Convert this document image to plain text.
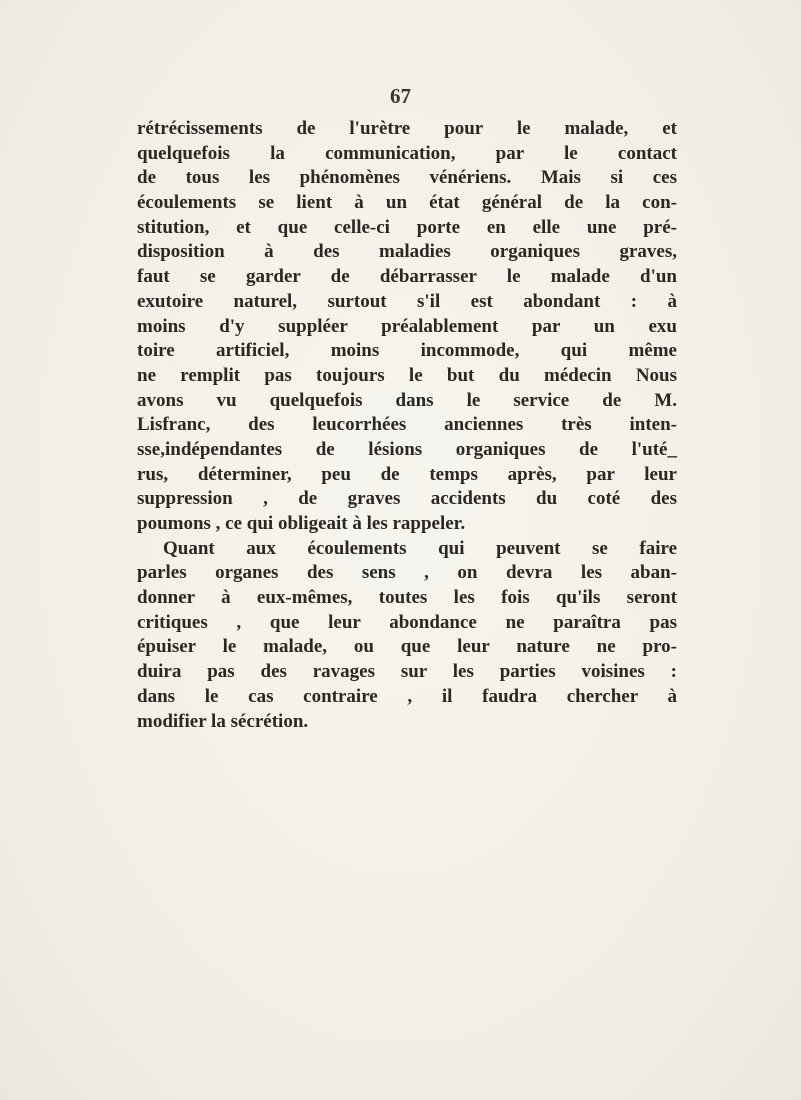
67
rétrécissements de l'urètre pour le malade, et
quelquefois la communication, par le contact
de tous les phénomènes vénériens. Mais si ces
écoulements se lient à un état général de la con-
stitution, et que celle-ci porte en elle une pré-
disposition à des maladies organiques graves,
faut se garder de débarrasser le malade d'un
exutoire naturel, surtout s'il est abondant : à
moins d'y suppléer préalablement par un exu
toire artificiel, moins incommode, qui même
ne remplit pas toujours le but du médecin Nous
avons vu quelquefois dans le service de M.
Lisfranc, des leucorrhées anciennes très inten-
sse,indépendantes de lésions organiques de l'uté_
rus, déterminer, peu de temps après, par leur
suppression , de graves accidents du coté des
poumons , ce qui obligeait à les rappeler.
Quant aux écoulements qui peuvent se faire
parles organes des sens , on devra les aban-
donner à eux-mêmes, toutes les fois qu'ils seront
critiques , que leur abondance ne paraîtra pas
épuiser le malade, ou que leur nature ne pro-
duira pas des ravages sur les parties voisines :
dans le cas contraire , il faudra chercher à
modifier la sécrétion.
